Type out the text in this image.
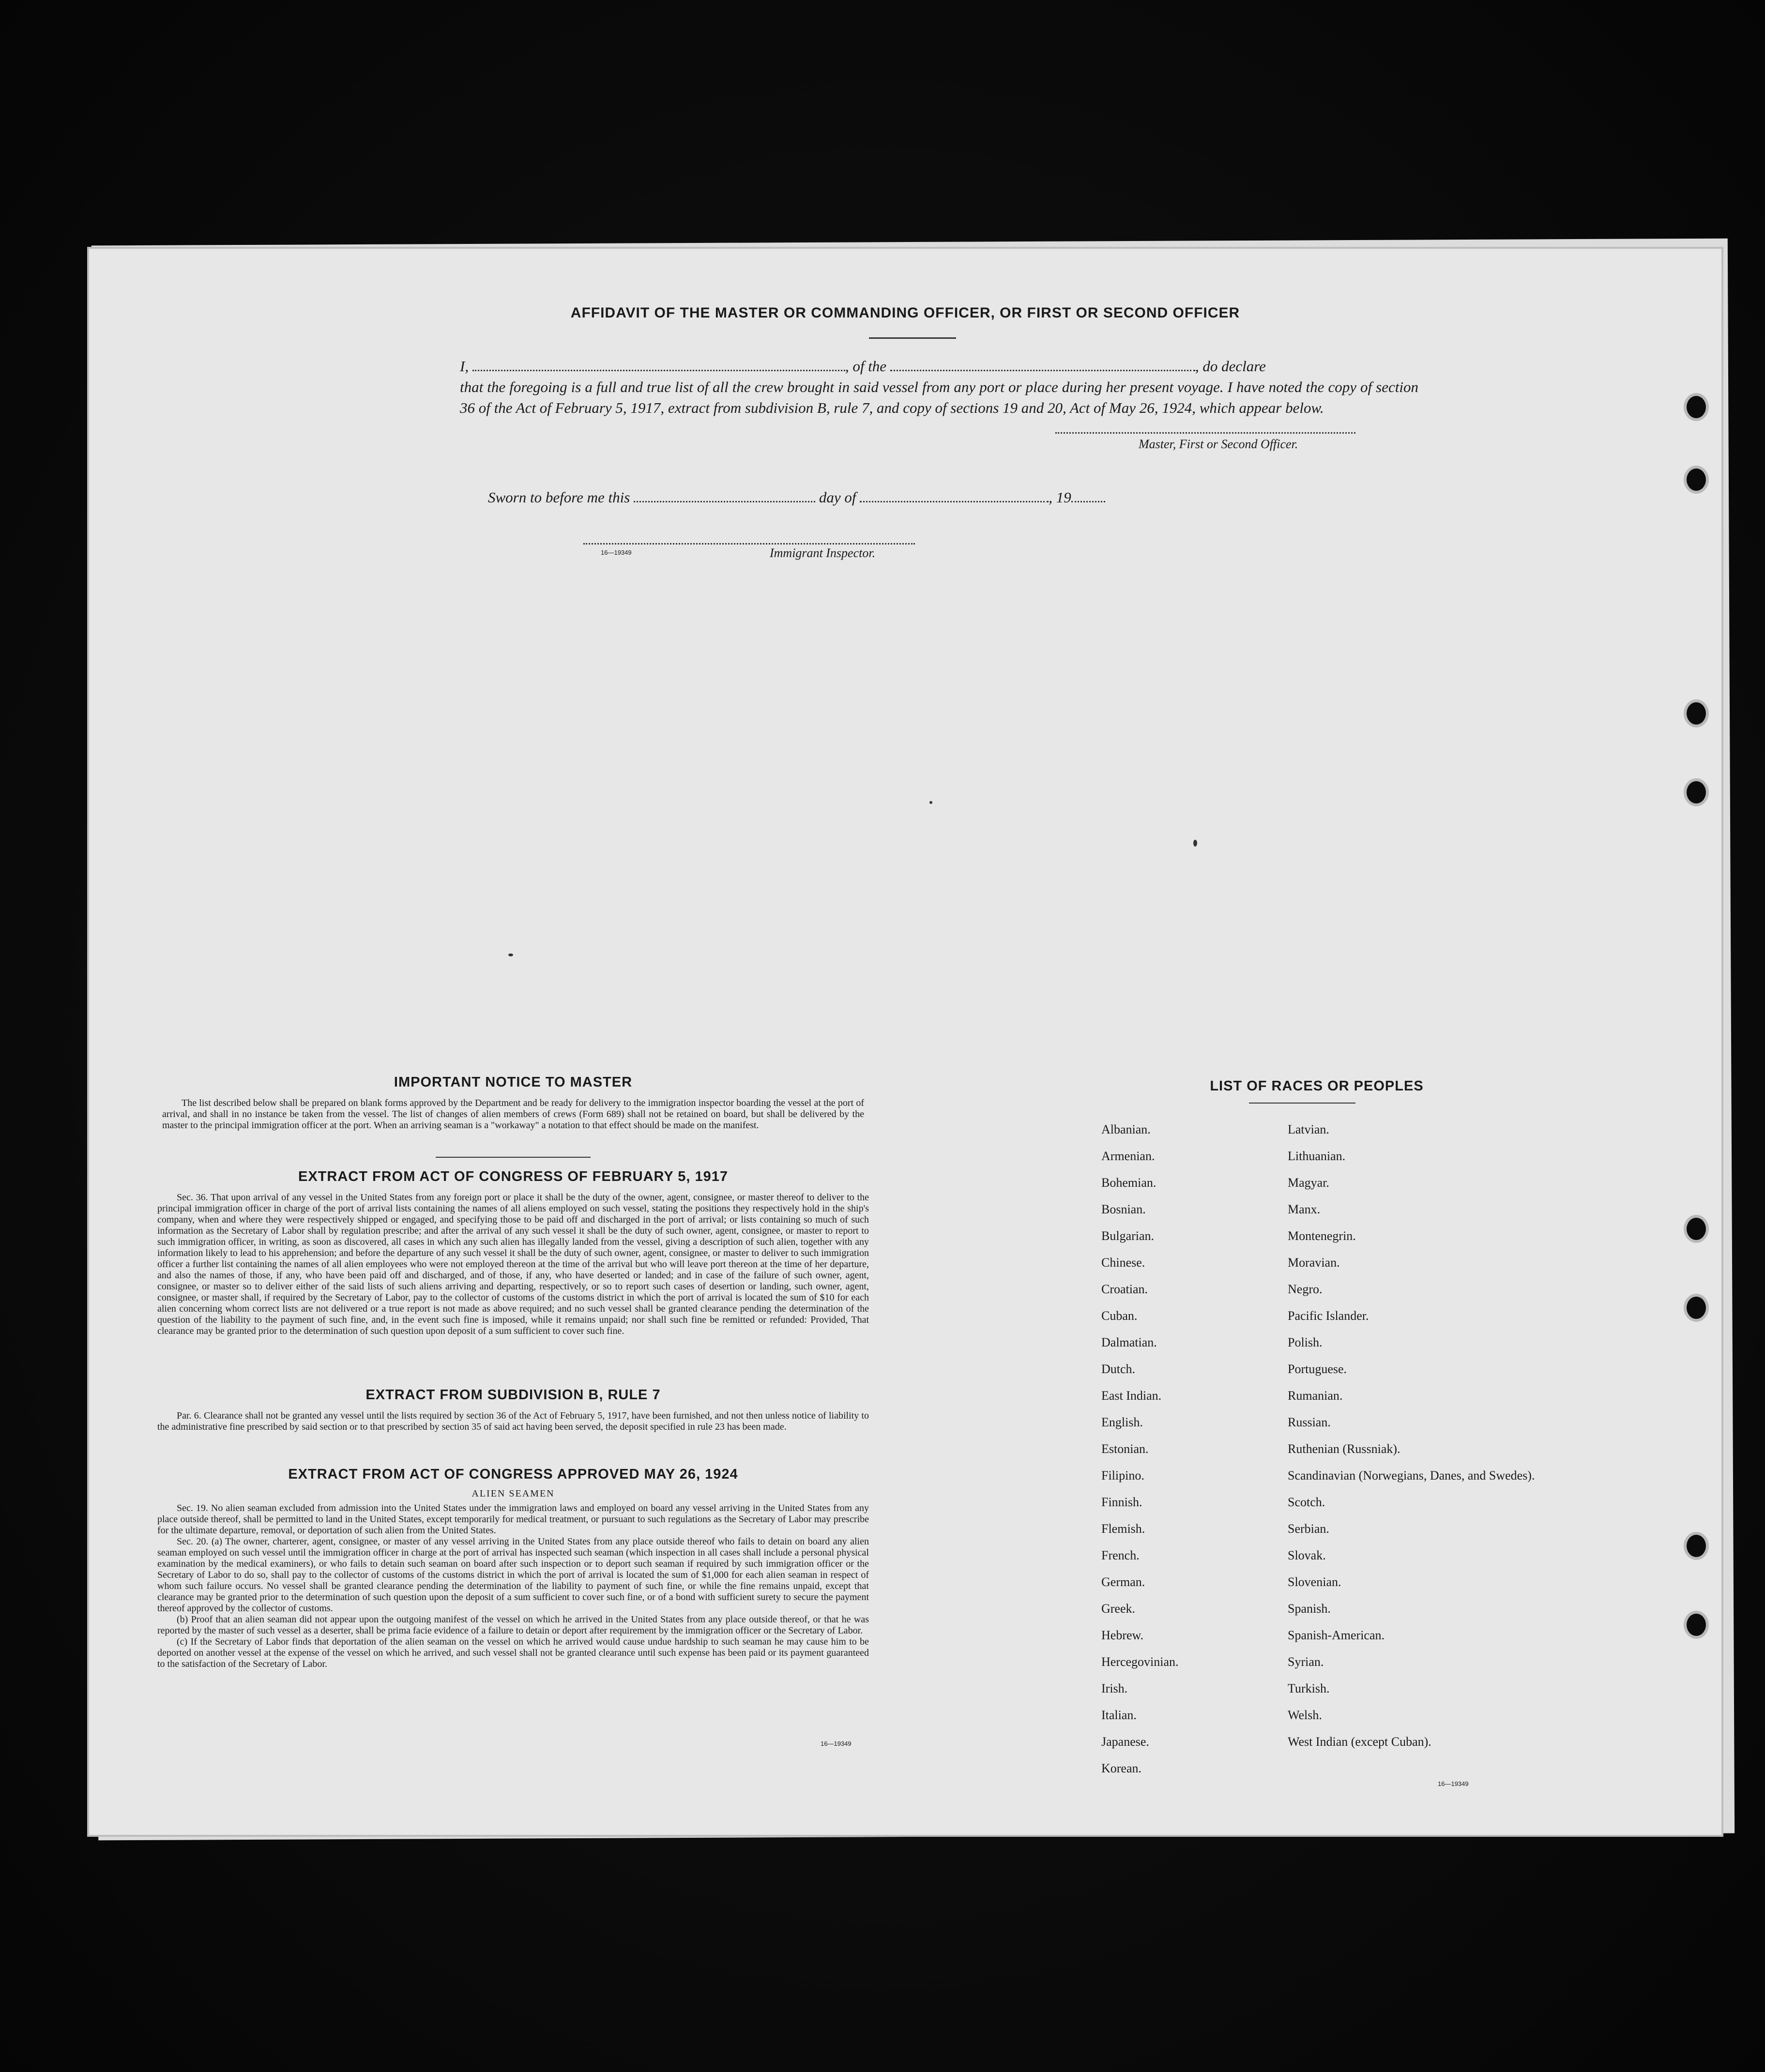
AFFIDAVIT OF THE MASTER OR COMMANDING OFFICER, OR FIRST OR SECOND OFFICER
I,	, of the	, do declare
that the foregoing is a full and true list of all the crew brought in said vessel from any port or place during her present voyage. I have noted the copy of section 36 of the Act of February 5, 1917, extract from subdivision B, rule 7, and copy of sections 19 and 20, Act of May 26, 1924, which appear below.
Master, First or Second Officer.
Sworn to before me this	day of	, 19
16—19349	Immigrant Inspector.
IMPORTANT NOTICE TO MASTER

The list described below shall be prepared on blank forms approved by the Department and be ready for delivery to the immigration inspector boarding the vessel at the port of arrival, and shall in no instance be taken from the vessel. The list of changes of alien members of crews (Form 689) shall not be retained on board, but shall be delivered by the master to the principal immigration officer at the port. When an arriving seaman is a "workaway" a notation to that effect should be made on the manifest.

EXTRACT FROM ACT OF CONGRESS OF FEBRUARY 5, 1917

Sec. 36. That upon arrival of any vessel in the United States from any foreign port or place it shall be the duty of the owner, agent, consignee, or master thereof to deliver to the principal immigration officer in charge of the port of arrival lists containing the names of all aliens employed on such vessel, stating the positions they respectively hold in the ship's company, when and where they were respectively shipped or engaged, and specifying those to be paid off and discharged in the port of arrival; or lists containing so much of such information as the Secretary of Labor shall by regulation prescribe; and after the arrival of any such vessel it shall be the duty of such owner, agent, consignee, or master to report to such immigration officer, in writing, as soon as discovered, all cases in which any such alien has illegally landed from the vessel, giving a description of such alien, together with any information likely to lead to his apprehension; and before the departure of any such vessel it shall be the duty of such owner, agent, consignee, or master to deliver to such immigration officer a further list containing the names of all alien employees who were not employed thereon at the time of the arrival but who will leave port thereon at the time of her departure, and also the names of those, if any, who have been paid off and discharged, and of those, if any, who have deserted or landed; and in case of the failure of such owner, agent, consignee, or master so to deliver either of the said lists of such aliens arriving and departing, respectively, or so to report such cases of desertion or landing, such owner, agent, consignee, or master shall, if required by the Secretary of Labor, pay to the collector of customs of the customs district in which the port of arrival is located the sum of $10 for each alien concerning whom correct lists are not delivered or a true report is not made as above required; and no such vessel shall be granted clearance pending the determination of the question of the liability to the payment of such fine, and, in the event such fine is imposed, while it remains unpaid; nor shall such fine be remitted or refunded: Provided, That clearance may be granted prior to the determination of such question upon deposit of a sum sufficient to cover such fine.

EXTRACT FROM SUBDIVISION B, RULE 7

Par. 6. Clearance shall not be granted any vessel until the lists required by section 36 of the Act of February 5, 1917, have been furnished, and not then unless notice of liability to the administrative fine prescribed by said section or to that prescribed by section 35 of said act having been served, the deposit specified in rule 23 has been made.

EXTRACT FROM ACT OF CONGRESS APPROVED MAY 26, 1924
ALIEN SEAMEN

Sec. 19. No alien seaman excluded from admission into the United States under the immigration laws and employed on board any vessel arriving in the United States from any place outside thereof, shall be permitted to land in the United States, except temporarily for medical treatment, or pursuant to such regulations as the Secretary of Labor may prescribe for the ultimate departure, removal, or deportation of such alien from the United States.

Sec. 20. (a) The owner, charterer, agent, consignee, or master of any vessel arriving in the United States from any place outside thereof who fails to detain on board any alien seaman employed on such vessel until the immigration officer in charge at the port of arrival has inspected such seaman (which inspection in all cases shall include a personal physical examination by the medical examiners), or who fails to detain such seaman on board after such inspection or to deport such seaman if required by such immigration officer or the Secretary of Labor to do so, shall pay to the collector of customs of the customs district in which the port of arrival is located the sum of $1,000 for each alien seaman in respect of whom such failure occurs. No vessel shall be granted clearance pending the determination of the liability to payment of such fine, or while the fine remains unpaid, except that clearance may be granted prior to the determination of such question upon the deposit of a sum sufficient to cover such fine, or of a bond with sufficient surety to secure the payment thereof approved by the collector of customs.

(b) Proof that an alien seaman did not appear upon the outgoing manifest of the vessel on which he arrived in the United States from any place outside thereof, or that he was reported by the master of such vessel as a deserter, shall be prima facie evidence of a failure to detain or deport after requirement by the immigration officer or the Secretary of Labor.

(c) If the Secretary of Labor finds that deportation of the alien seaman on the vessel on which he arrived would cause undue hardship to such seaman he may cause him to be deported on another vessel at the expense of the vessel on which he arrived, and such vessel shall not be granted clearance until such expense has been paid or its payment guaranteed to the satisfaction of the Secretary of Labor.

16—19349
LIST OF RACES OR PEOPLES
Albanian.
Armenian.
Bohemian.
Bosnian.
Bulgarian.
Chinese.
Croatian.
Cuban.
Dalmatian.
Dutch.
East Indian.
English.
Estonian.
Filipino.
Finnish.
Flemish.
French.
German.
Greek.
Hebrew.
Hercegovinian.
Irish.
Italian.
Japanese.
Korean.
Latvian.
Lithuanian.
Magyar.
Manx.
Montenegrin.
Moravian.
Negro.
Pacific Islander.
Polish.
Portuguese.
Rumanian.
Russian.
Ruthenian (Russniak).
Scandinavian (Norwegians, Danes, and Swedes).
Scotch.
Serbian.
Slovak.
Slovenian.
Spanish.
Spanish-American.
Syrian.
Turkish.
Welsh.
West Indian (except Cuban).
16—19349
